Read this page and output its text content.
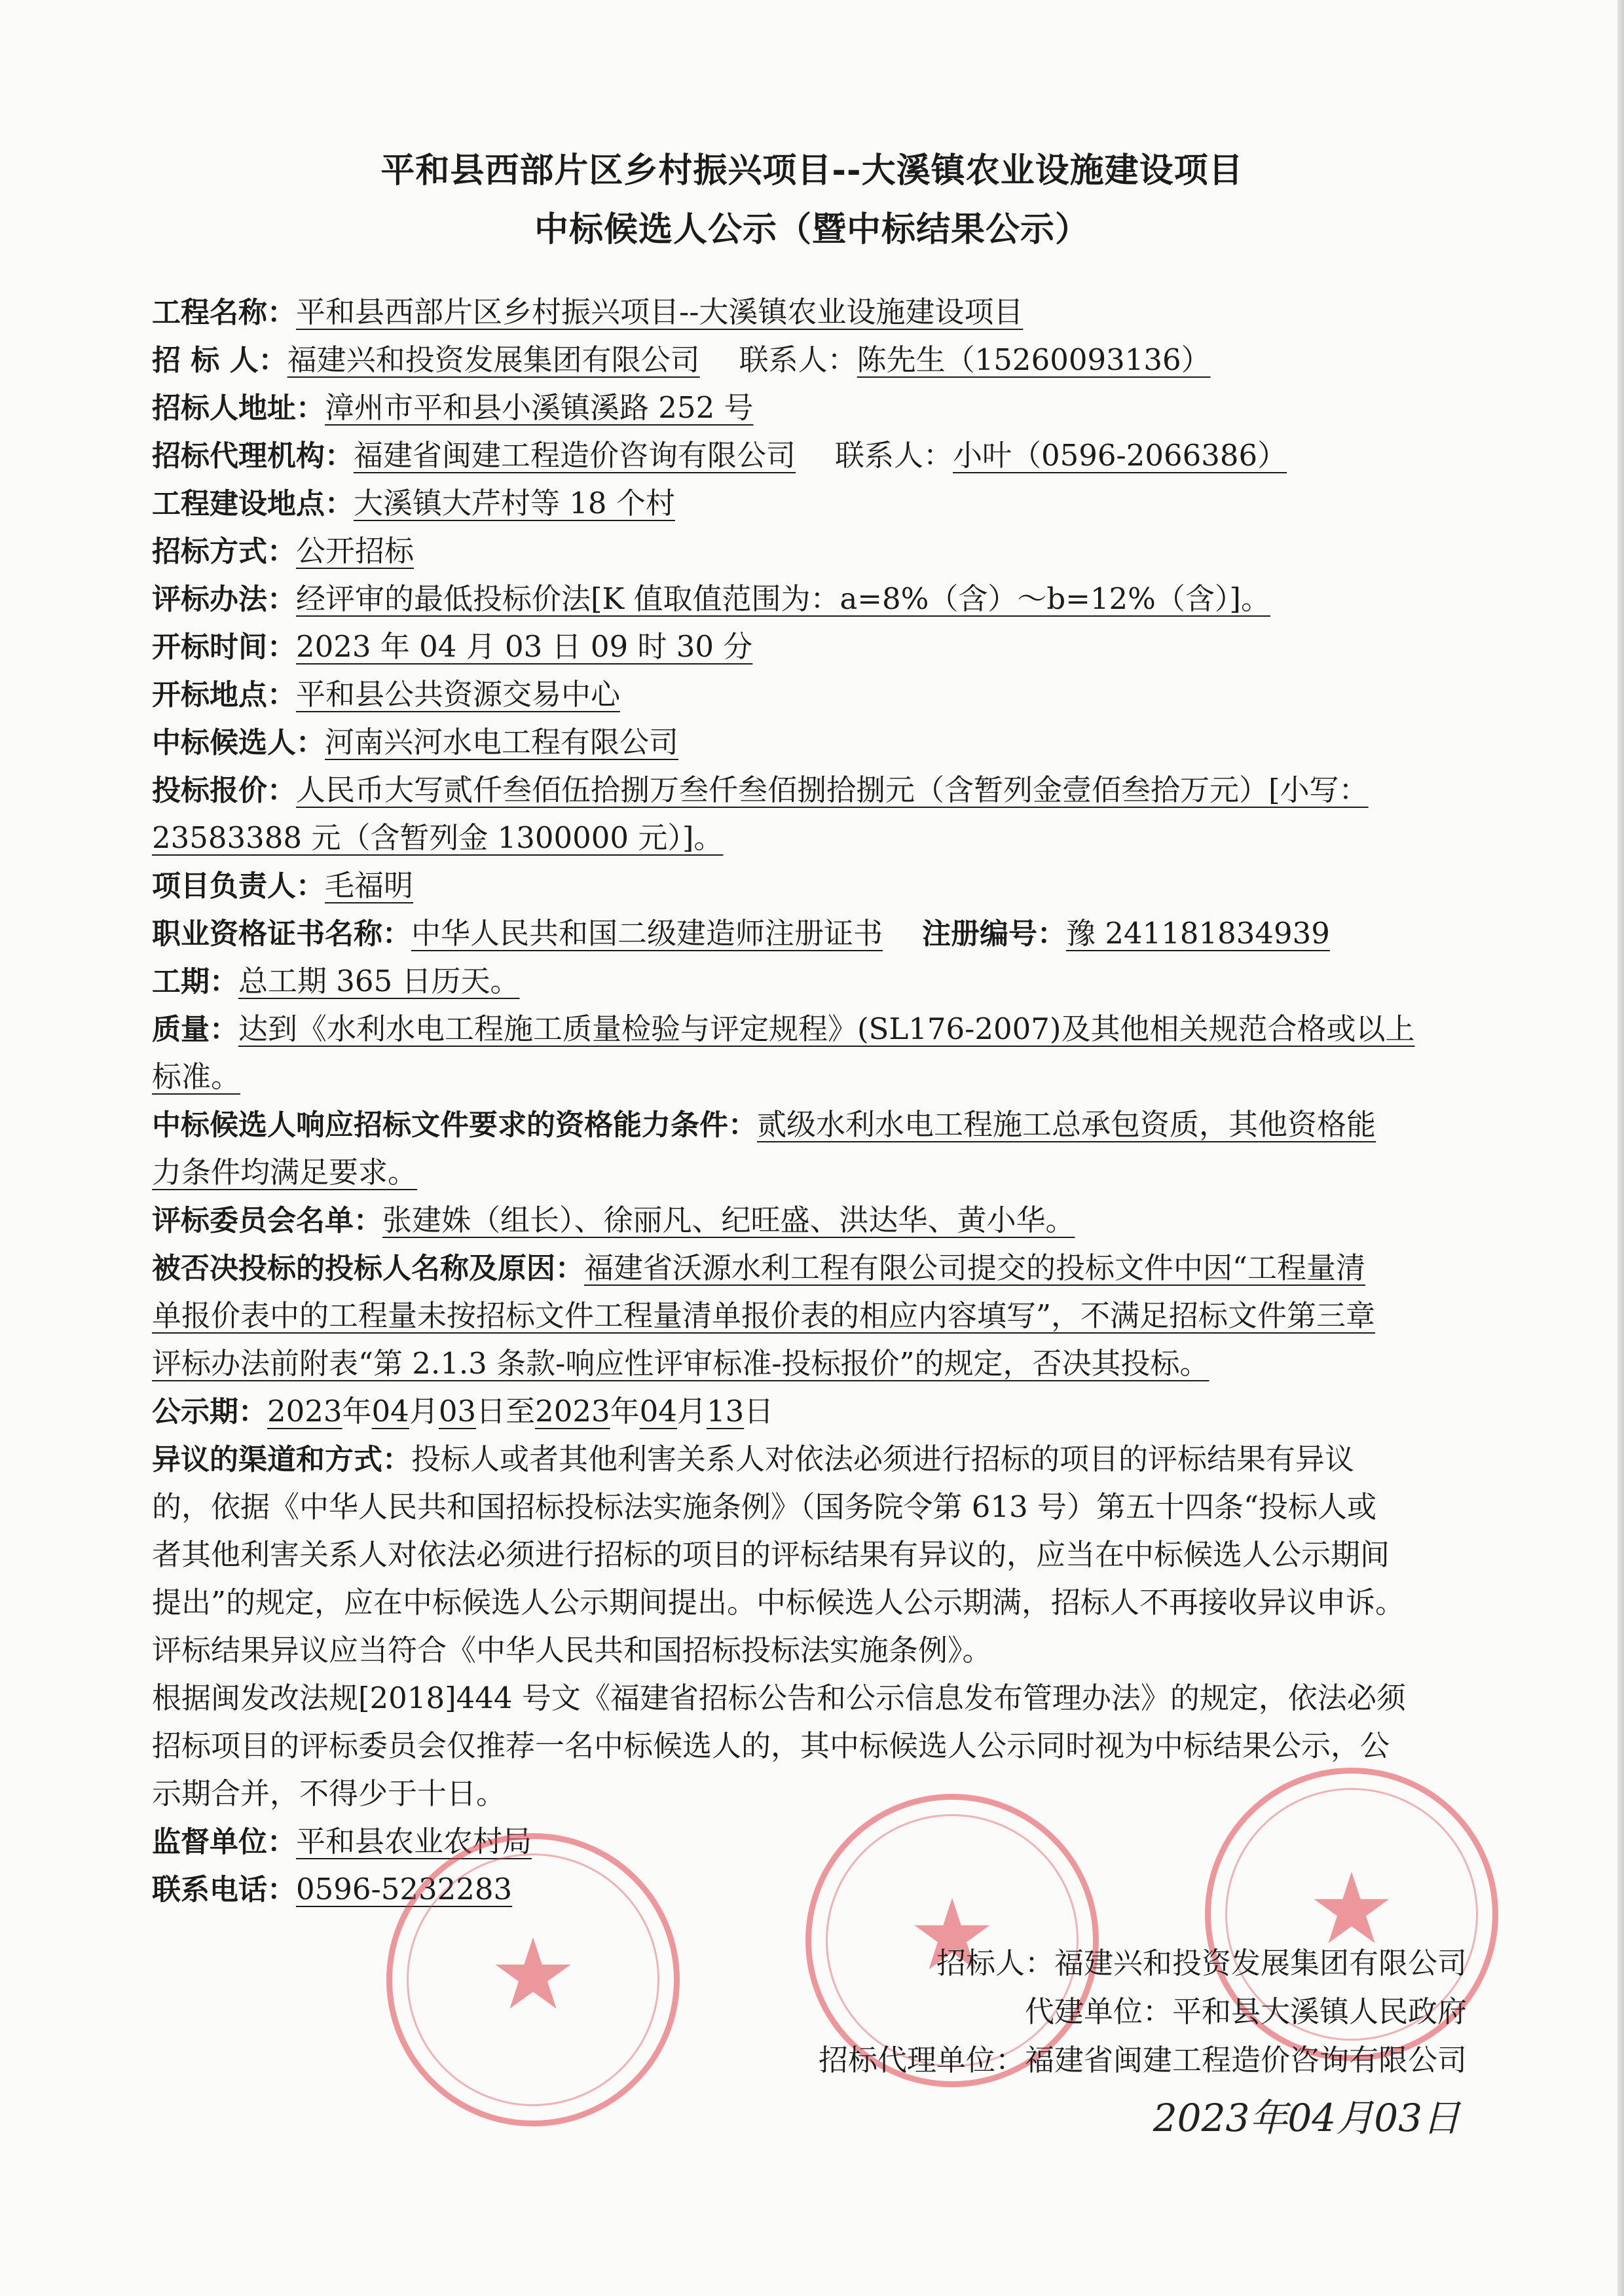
平和县西部片区乡村振兴项目--大溪镇农业设施建设项目
中标候选人公示（暨中标结果公示）
工程名称：平和县西部片区乡村振兴项目--大溪镇农业设施建设项目
招 标 人：福建兴和投资发展集团有限公司 联系人：陈先生（15260093136）
招标人地址：漳州市平和县小溪镇溪路 252 号
招标代理机构：福建省闽建工程造价咨询有限公司 联系人：小叶（0596-2066386）
工程建设地点：大溪镇大芹村等 18 个村
招标方式：公开招标
评标办法：经评审的最低投标价法[K 值取值范围为：a=8%（含）～b=12%（含）]。
开标时间：2023 年 04 月 03 日 09 时 30 分
开标地点：平和县公共资源交易中心
中标候选人：河南兴河水电工程有限公司
投标报价：人民币大写贰仟叁佰伍拾捌万叁仟叁佰捌拾捌元（含暂列金壹佰叁拾万元）[小写：
23583388 元（含暂列金 1300000 元）]。
项目负责人：毛福明
职业资格证书名称：中华人民共和国二级建造师注册证书 注册编号：豫 241181834939
工期：总工期 365 日历天。
质量：达到《水利水电工程施工质量检验与评定规程》(SL176-2007)及其他相关规范合格或以上
标准。
中标候选人响应招标文件要求的资格能力条件：贰级水利水电工程施工总承包资质，其他资格能
力条件均满足要求。
评标委员会名单：张建姝（组长）、徐丽凡、纪旺盛、洪达华、黄小华。
被否决投标的投标人名称及原因：福建省沃源水利工程有限公司提交的投标文件中因“工程量清
单报价表中的工程量未按招标文件工程量清单报价表的相应内容填写”，不满足招标文件第三章
评标办法前附表“第 2.1.3 条款-响应性评审标准-投标报价”的规定，否决其投标。
公示期：2023年04月03日至2023年04月13日
异议的渠道和方式：投标人或者其他利害关系人对依法必须进行招标的项目的评标结果有异议
的，依据《中华人民共和国招标投标法实施条例》（国务院令第 613 号）第五十四条“投标人或
者其他利害关系人对依法必须进行招标的项目的评标结果有异议的，应当在中标候选人公示期间
提出”的规定，应在中标候选人公示期间提出。中标候选人公示期满，招标人不再接收异议申诉。
评标结果异议应当符合《中华人民共和国招标投标法实施条例》。
根据闽发改法规[2018]444 号文《福建省招标公告和公示信息发布管理办法》的规定，依法必须
招标项目的评标委员会仅推荐一名中标候选人的，其中标候选人公示同时视为中标结果公示，公
示期合并，不得少于十日。
监督单位：平和县农业农村局
联系电话：0596-5232283
★	★	★
招标人：福建兴和投资发展集团有限公司
代建单位：平和县大溪镇人民政府
招标代理单位：福建省闽建工程造价咨询有限公司
2023年04月03日
